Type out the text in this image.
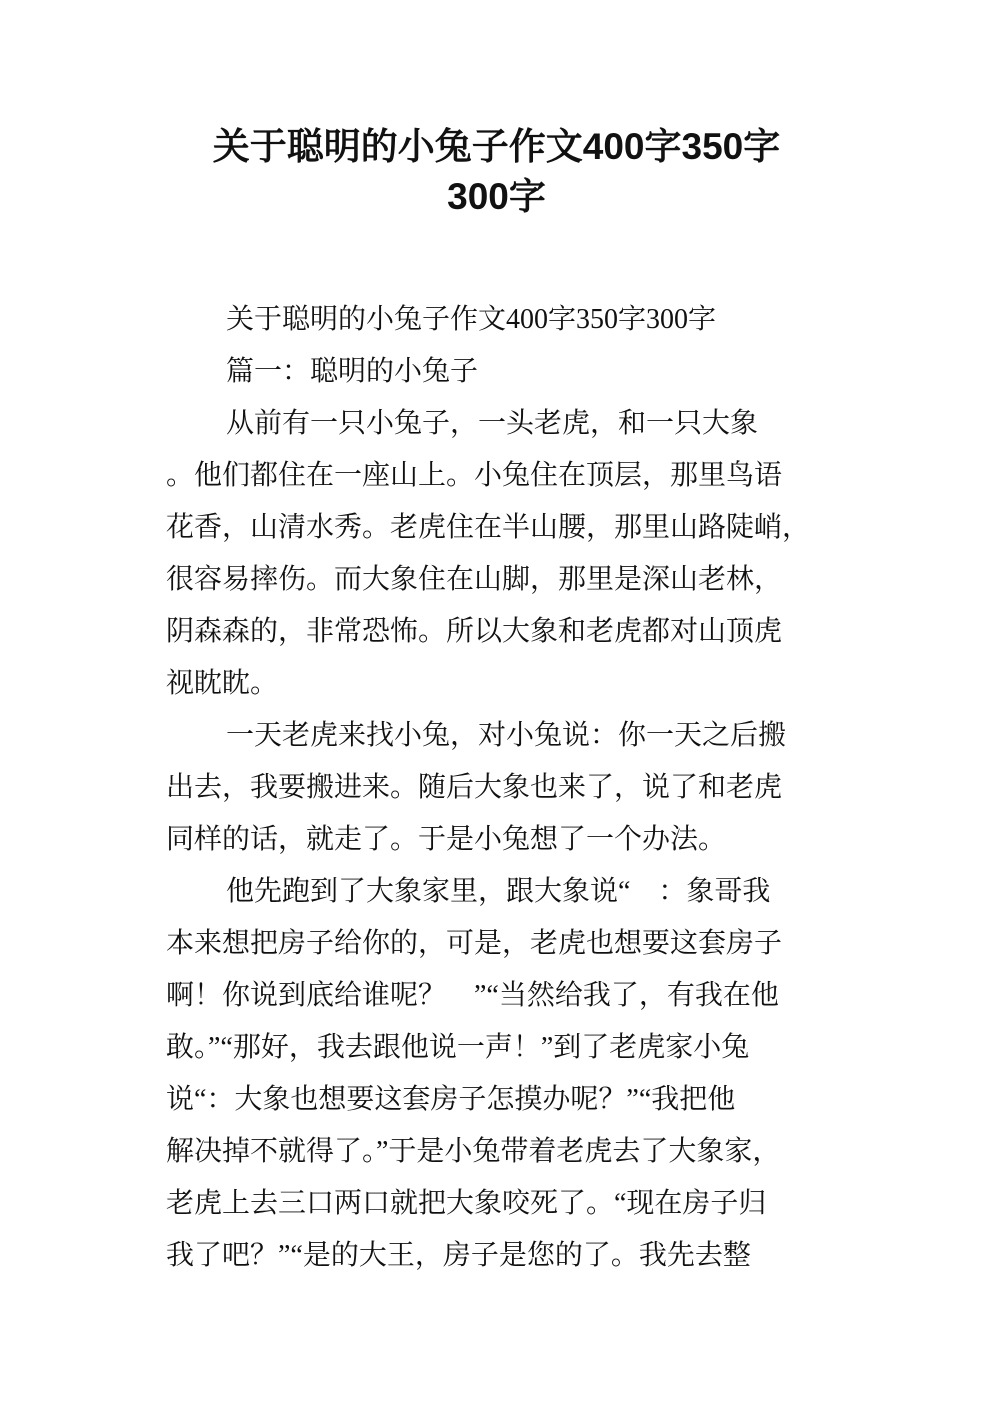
关于聪明的小兔子作文400字350字
300字
关于聪明的小兔子作文400字350字300字
篇一：聪明的小兔子
从前有一只小兔子，一头老虎，和一只大象
。他们都住在一座山上。小兔住在顶层，那里鸟语
花香，山清水秀。老虎住在半山腰，那里山路陡峭，
很容易摔伤。而大象住在山脚，那里是深山老林，
阴森森的，非常恐怖。所以大象和老虎都对山顶虎
视眈眈。
一天老虎来找小兔，对小兔说：你一天之后搬
出去，我要搬进来。随后大象也来了，说了和老虎
同样的话，就走了。于是小兔想了一个办法。
他先跑到了大象家里，跟大象说“　：象哥我
本来想把房子给你的，可是，老虎也想要这套房子
啊！你说到底给谁呢？　”“当然给我了，有我在他
敢。”“那好，我去跟他说一声！”到了老虎家小兔
说“：大象也想要这套房子怎摸办呢？”“我把他
解决掉不就得了。”于是小兔带着老虎去了大象家，
老虎上去三口两口就把大象咬死了。“现在房子归
我了吧？”“是的大王，房子是您的了。我先去整
